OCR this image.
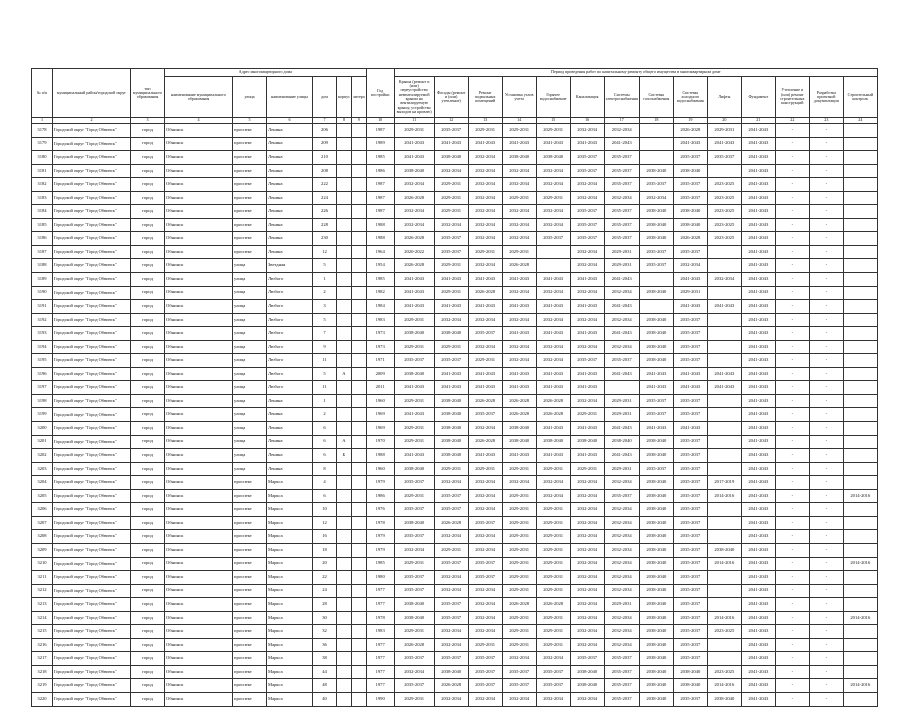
№ п/п	муниципальный район/городской округ	тип муниципального образования	Адрес многоквартирного дома						Год постройки	Период проведения работ по капитальному ремонту общего имущества в многоквартирном доме													
			наименование муниципального образования	улица	наименование улицы	дом	корпус	литера		Крыша (ремонт и (или) переустройство невентилируемой крыши на вентилируемую крышу, устройство выходов на кровлю)	Фасады (ремонт и (или) утепление)	Ремонт подвальных помещений	Установка узлов учета	Горячее водоснабжение	Канализация	Системы электроснабжения	Системы газоснабжения	Системы холодного водоснабжения	Лифты	Фундамент	Утепление и (или) ремонт строительных конструкций	Разработка проектной документации	Строительный контроль
1	2	3	4	5	6	7	8	9	10	11	12	13	14	15	16	17	18	19	20	21	22	23	24
3178	Городской округ "Город Обнинск"	город	Обнинск	проспект	Ленина	206			1987	2029-2031	2035-2037	2029-2031	2029-2031	2029-2031	2032-2034	2032-2034		2026-2028	2029-2031	2041-2043	-	-	
3179	Городской округ "Город Обнинск"	город	Обнинск	проспект	Ленина	209			1989	2041-2043	2041-2043	2041-2043	2041-2043	2041-2043	2041-2043	2041-2043		2041-2043	2041-2043	2041-2043	-	-	
3180	Городской округ "Город Обнинск"	город	Обнинск	проспект	Ленина	210			1985	2041-2043	2038-2040	2032-2034	2038-2040	2038-2040	2035-2037	2035-2037		2035-2037	2035-2037	2041-2043	-	-	
3181	Городской округ "Город Обнинск"	город	Обнинск	проспект	Ленина	208			1986	2038-2040	2032-2034	2032-2034	2032-2034	2032-2034	2035-2037	2035-2037	2038-2040	2038-2040		2041-2043	-	-	
3182	Городской округ "Город Обнинск"	город	Обнинск	проспект	Ленина	222			1987	2032-2034	2029-2031	2032-2034	2032-2034	2032-2034	2032-2034	2035-2037	2035-2037	2035-2037	2023-2025	2041-2043	-	-	
3183	Городской округ "Город Обнинск"	город	Обнинск	проспект	Ленина	224			1987	2026-2028	2029-2031	2032-2034	2029-2031	2029-2031	2032-2034	2032-2034	2032-2034	2035-2037	2023-2025	2041-2043	-	-	
3184	Городской округ "Город Обнинск"	город	Обнинск	проспект	Ленина	226			1987	2032-2034	2029-2031	2032-2034	2032-2034	2032-2034	2035-2037	2035-2037	2038-2040	2038-2040	2023-2025	2041-2043	-	-	
3185	Городской округ "Город Обнинск"	город	Обнинск	проспект	Ленина	228			1988	2032-2034	2032-2034	2032-2034	2032-2034	2032-2034	2035-2037	2035-2037	2038-2040	2038-2040	2023-2025	2041-2043	-	-	
3186	Городской округ "Город Обнинск"	город	Обнинск	проспект	Ленина	230			1988	2026-2028	2035-2037	2032-2034	2032-2034	2035-2037	2035-2037	2035-2037	2038-2040	2026-2028	2023-2025	2041-2043	-	-	
3187	Городской округ "Город Обнинск"	город	Обнинск	проспект	Ленина	12			1964	2020-2022	2035-2037	2029-2031	2029-2031		2032-2034	2029-2031	2035-2037	2035-2037		2041-2043	-	-	
3188	Городской округ "Город Обнинск"	город	Обнинск	улица	Звездная	5			1954	2026-2028	2029-2031	2032-2034	2026-2028		2032-2034	2029-2031	2035-2037	2032-2034		2041-2043	-	-	
3189	Городской округ "Город Обнинск"	город	Обнинск	улица	Любого	1			1985	2041-2043	2041-2043	2041-2043	2041-2043	2041-2043	2041-2043	2041-2043		2041-2043	2032-2034	2041-2043	-	-	
3190	Городской округ "Город Обнинск"	город	Обнинск	улица	Любого	2			1982	2041-2043	2029-2031	2026-2028	2032-2034	2032-2034	2032-2034	2032-2034	2038-2040	2029-2031		2041-2043	-	-	
3191	Городской округ "Город Обнинск"	город	Обнинск	улица	Любого	3			1984	2041-2043	2041-2043	2041-2043	2041-2043	2041-2043	2041-2043	2041-2043		2041-2043	2041-2043	2041-2043	-	-	
3192	Городской округ "Город Обнинск"	город	Обнинск	улица	Любого	5			1983	2029-2031	2032-2034	2032-2034	2032-2034	2032-2034	2032-2034	2032-2034	2038-2040	2035-2037		2041-2043	-	-	
3193	Городской округ "Город Обнинск"	город	Обнинск	улица	Любого	7			1973	2038-2040	2038-2040	2035-2037	2041-2043	2041-2043	2041-2043	2041-2043	2038-2040	2035-2037		2041-2043	-	-	
3194	Городской округ "Город Обнинск"	город	Обнинск	улица	Любого	9			1973	2029-2031	2029-2031	2032-2034	2032-2034	2032-2034	2032-2034	2032-2034	2038-2040	2035-2037		2041-2043	-	-	
3195	Городской округ "Город Обнинск"	город	Обнинск	улица	Любого	11			1971	2035-2037	2035-2037	2029-2031	2032-2034	2032-2034	2035-2037	2035-2037	2038-2040	2035-2037		2041-2043	-	-	
3196	Городской округ "Город Обнинск"	город	Обнинск	улица	Любого	5	А		2009	2038-2040	2041-2043	2041-2043	2041-2043	2041-2043	2041-2043	2041-2043	2041-2043	2041-2043	2041-2043	2041-2043	-	-	
3197	Городской округ "Город Обнинск"	город	Обнинск	улица	Любого	11			2011	2041-2043	2041-2043	2041-2043	2041-2043	2041-2043	2041-2043		2041-2043	2041-2043	2041-2043	2041-2043	-	-	
3198	Городской округ "Город Обнинск"	город	Обнинск	улица	Ленина	1			1960	2029-2031	2038-2040	2026-2028	2026-2028	2026-2028	2032-2034	2029-2031	2035-2037	2035-2037		2041-2043	-	-	
3199	Городской округ "Город Обнинск"	город	Обнинск	улица	Ленина	2			1969	2041-2043	2038-2040	2035-2037	2026-2028	2026-2028	2029-2031	2029-2031	2035-2037	2035-2037		2041-2043	-	-	
3200	Городской округ "Город Обнинск"	город	Обнинск	улица	Ленина	6			1969	2029-2031	2038-2040	2032-2034	2038-2040	2041-2043	2041-2043	2041-2043	2041-2043	2041-2043		2041-2043	-	-	
3201	Городской округ "Город Обнинск"	город	Обнинск	улица	Ленина	6	А		1970	2029-2031	2038-2040	2026-2028	2038-2040	2038-2040	2038-2040	2038-2040	2038-2040	2035-2037		2041-2043	-	-	
3202	Городской округ "Город Обнинск"	город	Обнинск	улица	Ленина	6	Б		1988	2041-2043	2038-2040	2041-2043	2041-2043	2041-2043	2041-2043	2041-2043	2038-2040	2035-2037		2041-2043	-	-	
3203	Городской округ "Город Обнинск"	город	Обнинск	улица	Ленина	8			1960	2038-2040	2029-2031	2029-2031	2029-2031	2029-2031	2029-2031	2029-2031	2035-2037	2035-2037		2041-2043	-	-	
3204	Городской округ "Город Обнинск"	город	Обнинск	проспект	Маркса	4			1979	2035-2037	2032-2034	2032-2034	2032-2034	2032-2034	2032-2034	2032-2034	2038-2040	2035-2037	2017-2019	2041-2043	-	-	
3205	Городской округ "Город Обнинск"	город	Обнинск	проспект	Маркса	6			1986	2029-2031	2035-2037	2032-2034	2029-2031	2032-2034	2032-2034	2035-2037	2038-2040	2035-2037	2014-2016	2041-2043	-	-	2014-2016
3206	Городской округ "Город Обнинск"	город	Обнинск	проспект	Маркса	10			1976	2035-2037	2035-2037	2032-2034	2029-2031	2029-2031	2032-2034	2032-2034	2038-2040	2035-2037		2041-2043	-	-	
3207	Городской округ "Город Обнинск"	город	Обнинск	проспект	Маркса	12			1978	2038-2040	2026-2028	2035-2037	2029-2031	2029-2031	2032-2034	2032-2034	2038-2040	2035-2037		2041-2043	-	-	
3208	Городской округ "Город Обнинск"	город	Обнинск	проспект	Маркса	16			1979	2035-2037	2032-2034	2032-2034	2029-2031	2029-2031	2032-2034	2032-2034	2038-2040	2035-2037		2041-2043	-	-	
3209	Городской округ "Город Обнинск"	город	Обнинск	проспект	Маркса	18			1979	2032-2034	2029-2031	2032-2034	2029-2031	2029-2031	2032-2034	2032-2034	2038-2040	2035-2037	2038-2040	2041-2043	-	-	
3210	Городской округ "Город Обнинск"	город	Обнинск	проспект	Маркса	20			1985	2029-2031	2035-2037	2035-2037	2029-2031	2029-2031	2032-2034	2032-2034	2038-2040	2035-2037	2014-2016	2041-2043	-	-	2014-2016
3211	Городской округ "Город Обнинск"	город	Обнинск	проспект	Маркса	22			1980	2035-2037	2032-2034	2035-2037	2029-2031	2029-2031	2032-2034	2032-2034	2038-2040	2035-2037		2041-2043	-	-	
3212	Городской округ "Город Обнинск"	город	Обнинск	проспект	Маркса	24			1977	2035-2037	2032-2034	2032-2034	2029-2031	2029-2031	2032-2034	2032-2034	2038-2040	2035-2037		2041-2043	-	-	
3213	Городской округ "Город Обнинск"	город	Обнинск	проспект	Маркса	28			1977	2038-2040	2035-2037	2032-2034	2026-2028	2026-2028	2032-2034	2029-2031	2038-2040	2035-2037		2041-2043	-	-	
3214	Городской округ "Город Обнинск"	город	Обнинск	проспект	Маркса	30			1978	2038-2040	2035-2037	2032-2034	2029-2031	2029-2031	2032-2034	2032-2034	2038-2040	2035-2037	2014-2016	2041-2043	-	-	2014-2016
3215	Городской округ "Город Обнинск"	город	Обнинск	проспект	Маркса	32			1983	2029-2031	2032-2034	2032-2034	2029-2031	2029-2031	2032-2034	2032-2034	2038-2040	2035-2037	2023-2025	2041-2043	-	-	
3216	Городской округ "Город Обнинск"	город	Обнинск	проспект	Маркса	36			1977	2026-2028	2032-2034	2029-2031	2029-2031	2029-2031	2032-2034	2032-2034	2038-2040	2035-2037		2041-2043	-	-	
3217	Городской округ "Город Обнинск"	город	Обнинск	проспект	Маркса	38			1977	2035-2037	2035-2037	2035-2037	2032-2034	2032-2034	2035-2037	2035-2037	2038-2040	2035-2037		2041-2043	-	-	
3218	Городской округ "Город Обнинск"	город	Обнинск	проспект	Маркса	44			1977	2032-2034	2038-2040	2035-2037	2035-2037	2035-2037	2038-2040	2035-2037	2038-2040	2038-2040	2023-2025	2041-2043	-	-	
3219	Городской округ "Город Обнинск"	город	Обнинск	проспект	Маркса	48			1977	2035-2037	2026-2028	2035-2037	2035-2037	2035-2037	2038-2040	2035-2037	2038-2040	2038-2040	2014-2016	2041-2043	-	-	2014-2016
3220	Городской округ "Город Обнинск"	город	Обнинск	проспект	Маркса	40			1990	2029-2031	2032-2034	2032-2034	2032-2034	2032-2034	2032-2034	2035-2037	2038-2040	2035-2037	2038-2040	2041-2043	-	-	
